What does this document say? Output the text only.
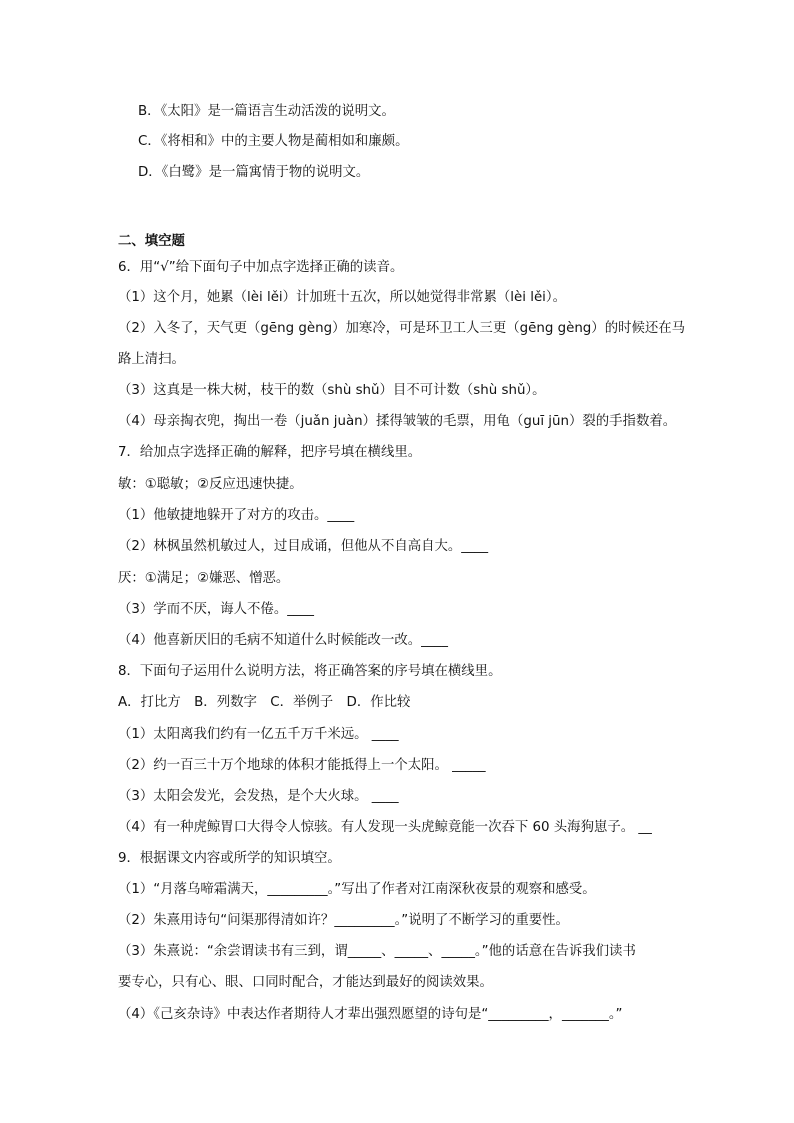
B．《太阳》是一篇语言生动活泼的说明文。
C．《将相和》中的主要人物是蔺相如和廉颇。
D．《白鹭》是一篇寓情于物的说明文。
二、填空题
6．用“√”给下面句子中加点字选择正确的读音。
（1）这个月，她累（lèi lěi）计加班十五次，所以她觉得非常累（lèi lěi）。
（2）入冬了，天气更（gēng gèng）加寒冷，可是环卫工人三更（gēng gèng）的时候还在马
路上清扫。
（3）这真是一株大树，枝干的数（shù shǔ）目不可计数（shù shǔ）。
（4）母亲掏衣兜，掏出一卷（juǎn juàn）揉得皱皱的毛票，用龟（guī jūn）裂的手指数着。
7．给加点字选择正确的解释，把序号填在横线里。
敏：①聪敏；②反应迅速快捷。
（1）他敏捷地躲开了对方的攻击。____
（2）林枫虽然机敏过人，过目成诵，但他从不自高自大。____
厌：①满足；②嫌恶、憎恶。
（3）学而不厌，诲人不倦。____
（4）他喜新厌旧的毛病不知道什么时候能改一改。____
8．下面句子运用什么说明方法，将正确答案的序号填在横线里。
A．打比方　B．列数字　C．举例子　D．作比较
（1）太阳离我们约有一亿五千万千米远。 ____
（2）约一百三十万个地球的体积才能抵得上一个太阳。 _____
（3）太阳会发光，会发热，是个大火球。 ____
（4）有一种虎鲸胃口大得令人惊骇。有人发现一头虎鲸竟能一次吞下 60 头海狗崽子。 __
9．根据课文内容或所学的知识填空。
（1）“月落乌啼霜满天，_________。”写出了作者对江南深秋夜景的观察和感受。
（2）朱熹用诗句“问渠那得清如许？_________。”说明了不断学习的重要性。
（3）朱熹说：“余尝谓读书有三到，谓_____、_____、_____。”他的话意在告诉我们读书
要专心，只有心、眼、口同时配合，才能达到最好的阅读效果。
（4）《己亥杂诗》中表达作者期待人才辈出强烈愿望的诗句是“_________，_______。”
